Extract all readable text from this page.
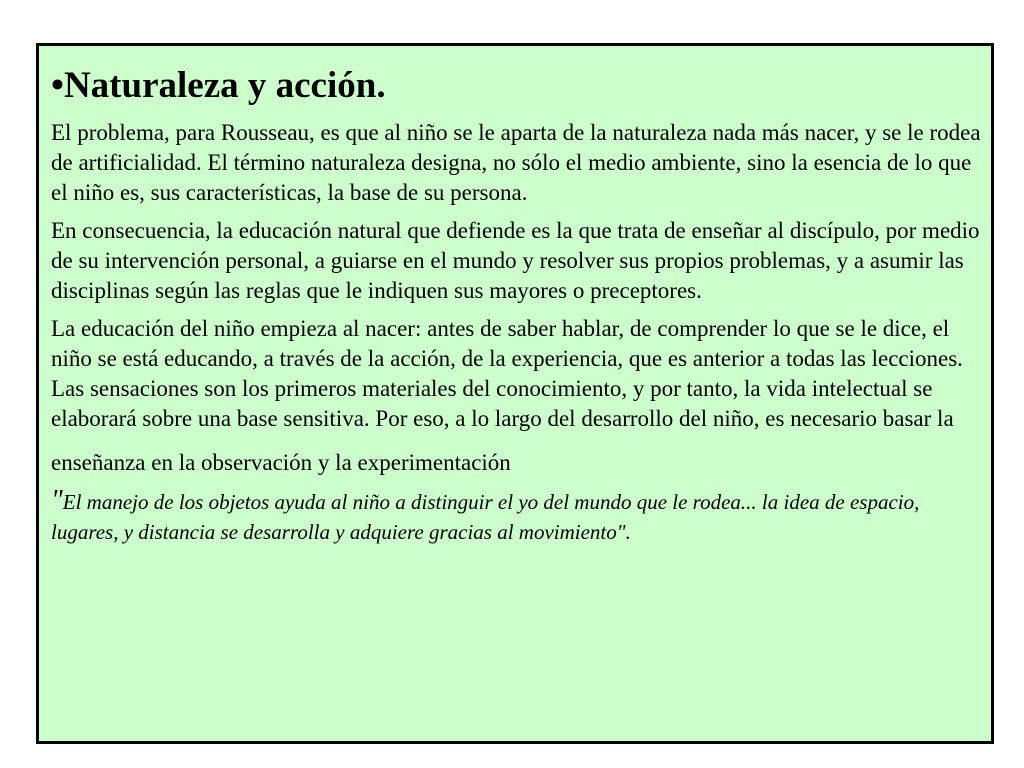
•Naturaleza y acción.

El problema, para Rousseau, es que al niño se le aparta de la naturaleza nada más nacer, y se le rodea de artificialidad. El término naturaleza designa, no sólo el medio ambiente, sino la esencia de lo que el niño es, sus características, la base de su persona.

En consecuencia, la educación natural que defiende es la que trata de enseñar al discípulo, por medio de su intervención personal, a guiarse en el mundo y resolver sus propios problemas, y a asumir las disciplinas según las reglas que le indiquen sus mayores o preceptores.

La educación del niño empieza al nacer: antes de saber hablar, de comprender lo que se le dice, el niño se está educando, a través de la acción, de la experiencia, que es anterior a todas las lecciones. Las sensaciones son los primeros materiales del conocimiento, y por tanto, la vida intelectual se elaborará sobre una base sensitiva. Por eso, a lo largo del desarrollo del niño, es necesario basar la

enseñanza en la observación y la experimentación

"El manejo de los objetos ayuda al niño a distinguir el yo del mundo que le rodea... la idea de espacio, lugares, y distancia se desarrolla y adquiere gracias al movimiento".
